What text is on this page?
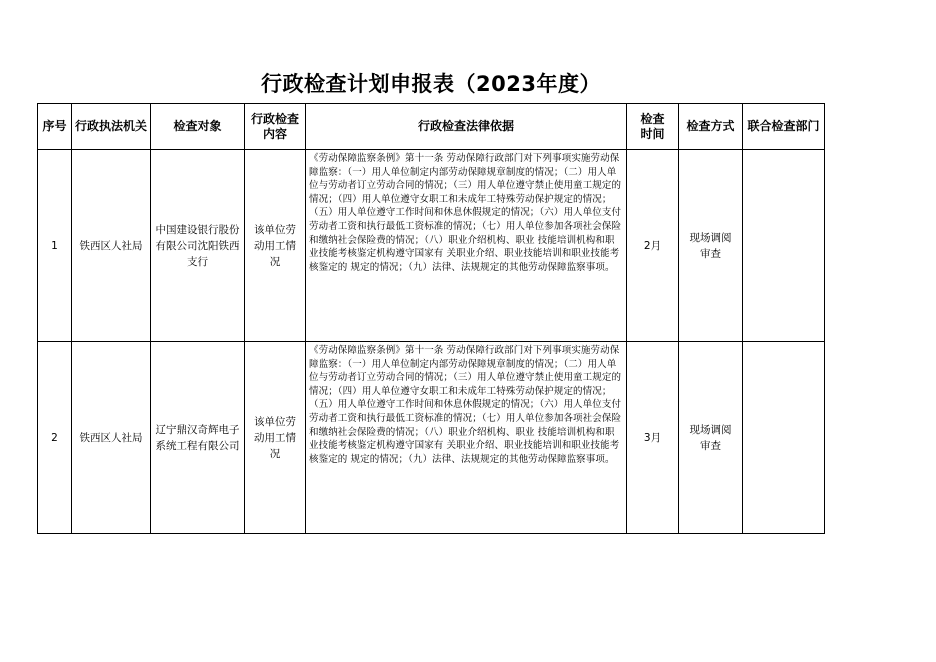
行政检查计划申报表（2023年度）
序号	行政执法机关	检查对象	行政检查内容	行政检查法律依据	检查时间	检查方式	联合检查部门
1	铁西区人社局	中国建设银行股份有限公司沈阳铁西支行	该单位劳动用工情况	《劳动保障监察条例》第十一条 劳动保障行政部门对下列事项实施劳动保障监察：（一）用人单位制定内部劳动保障规章制度的情况；（二）用人单位与劳动者订立劳动合同的情况；（三）用人单位遵守禁止使用童工规定的情况；（四）用人单位遵守女职工和未成年工特殊劳动保护规定的情况；（五）用人单位遵守工作时间和休息休假规定的情况；（六）用人单位支付劳动者工资和执行最低工资标准的情况；（七）用人单位参加各项社会保险和缴纳社会保险费的情况；（八）职业介绍机构、职业 技能培训机构和职业技能考核鉴定机构遵守国家有 关职业介绍、职业技能培训和职业技能考核鉴定的 规定的情况；（九）法律、法规规定的其他劳动保障监察事项。	2月	现场调阅审查	

2	铁西区人社局	辽宁鼎汉奇辉电子系统工程有限公司	该单位劳动用工情况	《劳动保障监察条例》第十一条 劳动保障行政部门对下列事项实施劳动保障监察：（一）用人单位制定内部劳动保障规章制度的情况；（二）用人单位与劳动者订立劳动合同的情况；（三）用人单位遵守禁止使用童工规定的情况；（四）用人单位遵守女职工和未成年工特殊劳动保护规定的情况；（五）用人单位遵守工作时间和休息休假规定的情况；（六）用人单位支付劳动者工资和执行最低工资标准的情况；（七）用人单位参加各项社会保险和缴纳社会保险费的情况；（八）职业介绍机构、职业 技能培训机构和职业技能考核鉴定机构遵守国家有 关职业介绍、职业技能培训和职业技能考核鉴定的 规定的情况；（九）法律、法规规定的其他劳动保障监察事项。	3月	现场调阅审查	
